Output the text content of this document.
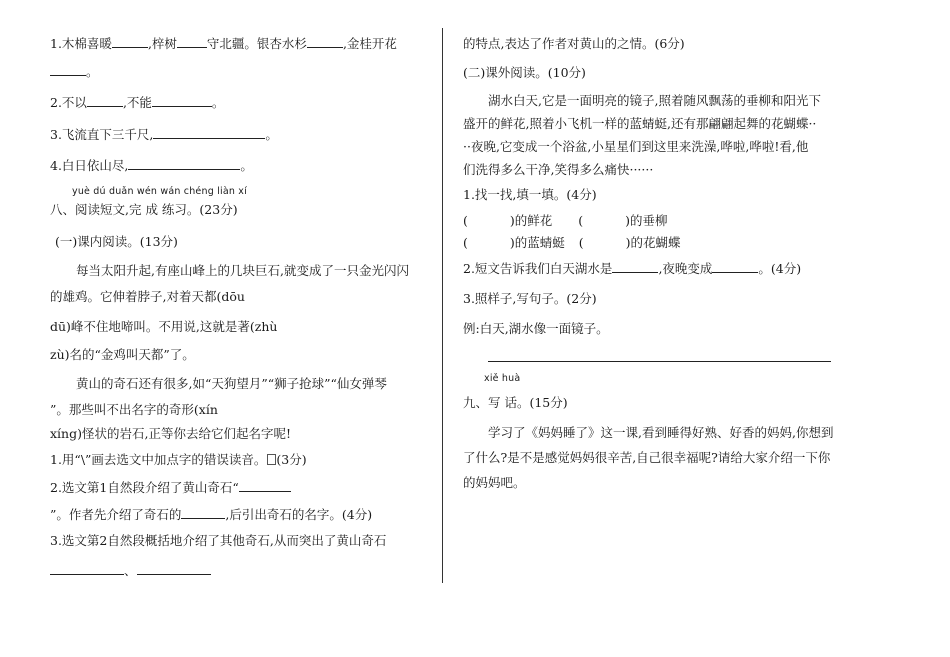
1.木棉喜暖	,梓树 守北疆。银杏水杉	,金桂开花
。
2.不以	,不能	。
3.飞流直下三千尺,	。
4.白日依山尽,	。
yuè dú duǎn wén wán chéng liàn xí
八、阅读短文,完 成 练习。(23分)
(一)课内阅读。(13分)
每当太阳升起,有座山峰上的几块巨石,就变成了一只金光闪闪
的雄鸡。它伸着脖子,对着天都(dōu
dū)峰不住地啼叫。不用说,这就是著(zhù
zù)名的“金鸡叫天都”了。
黄山的奇石还有很多,如“天狗望月”“狮子抢球”“仙女弹琴
”。那些叫不出名字的奇形(xín
xíng)怪状的岩石,正等你去给它们起名字呢!
1.用“\”画去选文中加点字的错误读音。 (3分)
2.选文第1自然段介绍了黄山奇石“
”。作者先介绍了奇石的	,后引出奇石的名字。(4分)
3.选文第2自然段概括地介绍了其他奇石,从而突出了黄山奇石
、
的特点,表达了作者对黄山的之情。(6分)
(二)课外阅读。(10分)
湖水白天,它是一面明亮的镜子,照着随风飘荡的垂柳和阳光下
盛开的鲜花,照着小飞机一样的蓝蜻蜓,还有那翩翩起舞的花蝴蝶··
··夜晚,它变成一个浴盆,小星星们到这里来洗澡,哗啦,哗啦!看,他
们洗得多么干净,笑得多么痛快······
1.找一找,填一填。(4分)
(	)的鲜花 (	)的垂柳
(	)的蓝蜻蜓 (	)的花蝴蝶
2.短文告诉我们白天湖水是	,夜晚变成	。(4分)
3.照样子,写句子。(2分)
例:白天,湖水像一面镜子。
xiě huà
九、写 话。(15分)
学习了《妈妈睡了》这一课,看到睡得好熟、好香的妈妈,你想到
了什么?是不是感觉妈妈很辛苦,自己很幸福呢?请给大家介绍一下你
的妈妈吧。
